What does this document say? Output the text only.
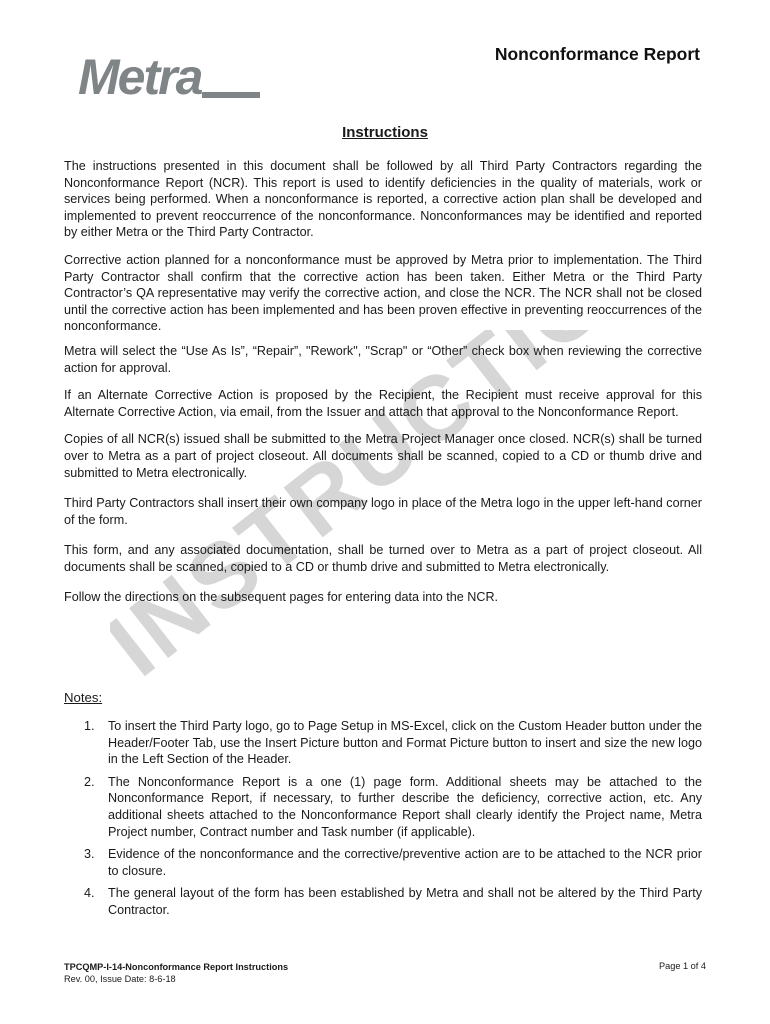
Metra	Nonconformance Report
Instructions
INSTRUCTIONS

The instructions presented in this document shall be followed by all Third Party Contractors regarding the Nonconformance Report (NCR). This report is used to identify deficiencies in the quality of materials, work or services being performed. When a nonconformance is reported, a corrective action plan shall be developed and implemented to prevent reoccurrence of the nonconformance. Nonconformances may be identified and reported by either Metra or the Third Party Contractor.

Corrective action planned for a nonconformance must be approved by Metra prior to implementation. The Third Party Contractor shall confirm that the corrective action has been taken. Either Metra or the Third Party Contractor’s QA representative may verify the corrective action, and close the NCR. The NCR shall not be closed until the corrective action has been implemented and has been proven effective in preventing reoccurrences of the nonconformance.

Metra will select the “Use As Is”, “Repair”, "Rework", "Scrap" or “Other” check box when reviewing the corrective action for approval.

If an Alternate Corrective Action is proposed by the Recipient, the Recipient must receive approval for this Alternate Corrective Action, via email, from the Issuer and attach that approval to the Nonconformance Report.

Copies of all NCR(s) issued shall be submitted to the Metra Project Manager once closed. NCR(s) shall be turned over to Metra as a part of project closeout. All documents shall be scanned, copied to a CD or thumb drive and submitted to Metra electronically.

Third Party Contractors shall insert their own company logo in place of the Metra logo in the upper left-hand corner of the form.

This form, and any associated documentation, shall be turned over to Metra as a part of project closeout. All documents shall be scanned, copied to a CD or thumb drive and submitted to Metra electronically.

Follow the directions on the subsequent pages for entering data into the NCR.

Notes:
1.	To insert the Third Party logo, go to Page Setup in MS-Excel, click on the Custom Header button under the Header/Footer Tab, use the Insert Picture button and Format Picture button to insert and size the new logo in the Left Section of the Header.
2.	The Nonconformance Report is a one (1) page form. Additional sheets may be attached to the Nonconformance Report, if necessary, to further describe the deficiency, corrective action, etc. Any additional sheets attached to the Nonconformance Report shall clearly identify the Project name, Metra Project number, Contract number and Task number (if applicable).
3.	Evidence of the nonconformance and the corrective/preventive action are to be attached to the NCR prior to closure.
4.	The general layout of the form has been established by Metra and shall not be altered by the Third Party Contractor.
TPCQMP-I-14-Nonconformance Report Instructions
Rev. 00, Issue Date: 8-6-18
Page 1 of 4
